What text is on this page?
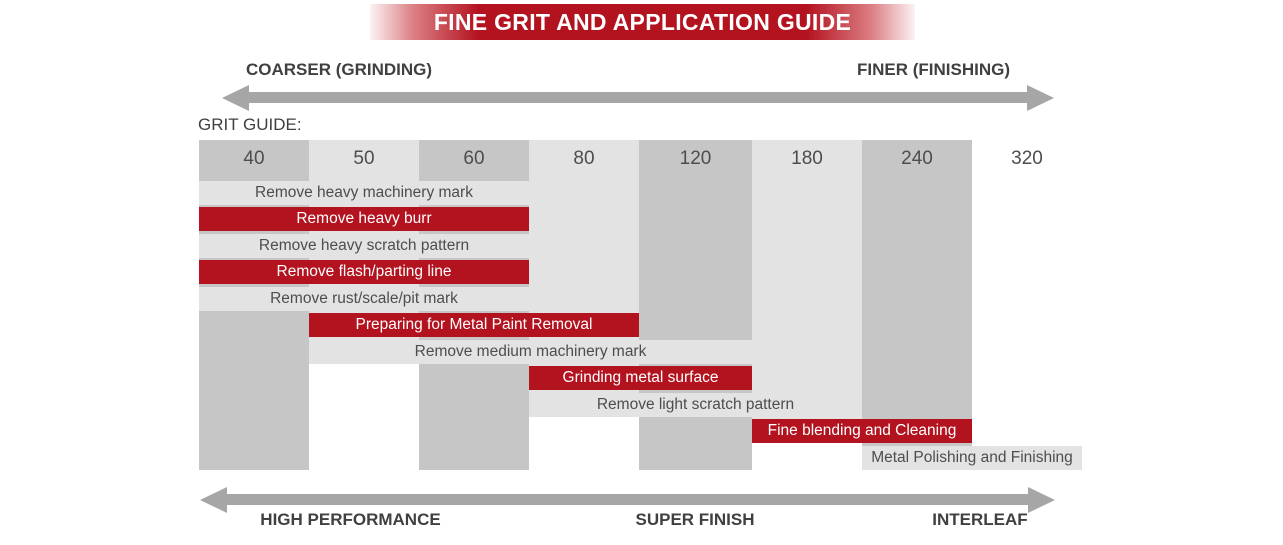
FINE GRIT AND APPLICATION GUIDE
COARSER (GRINDING)	FINER (FINISHING)
GRIT GUIDE:
40	50	60	80	120	180	240	320
Remove heavy machinery mark
Remove heavy burr
Remove heavy scratch pattern
Remove flash/parting line
Remove rust/scale/pit mark
Preparing for Metal Paint Removal
Remove medium machinery mark
Grinding metal surface
Remove light scratch pattern
Fine blending and Cleaning
Metal Polishing and Finishing
HIGH PERFORMANCE	SUPER FINISH	INTERLEAF
